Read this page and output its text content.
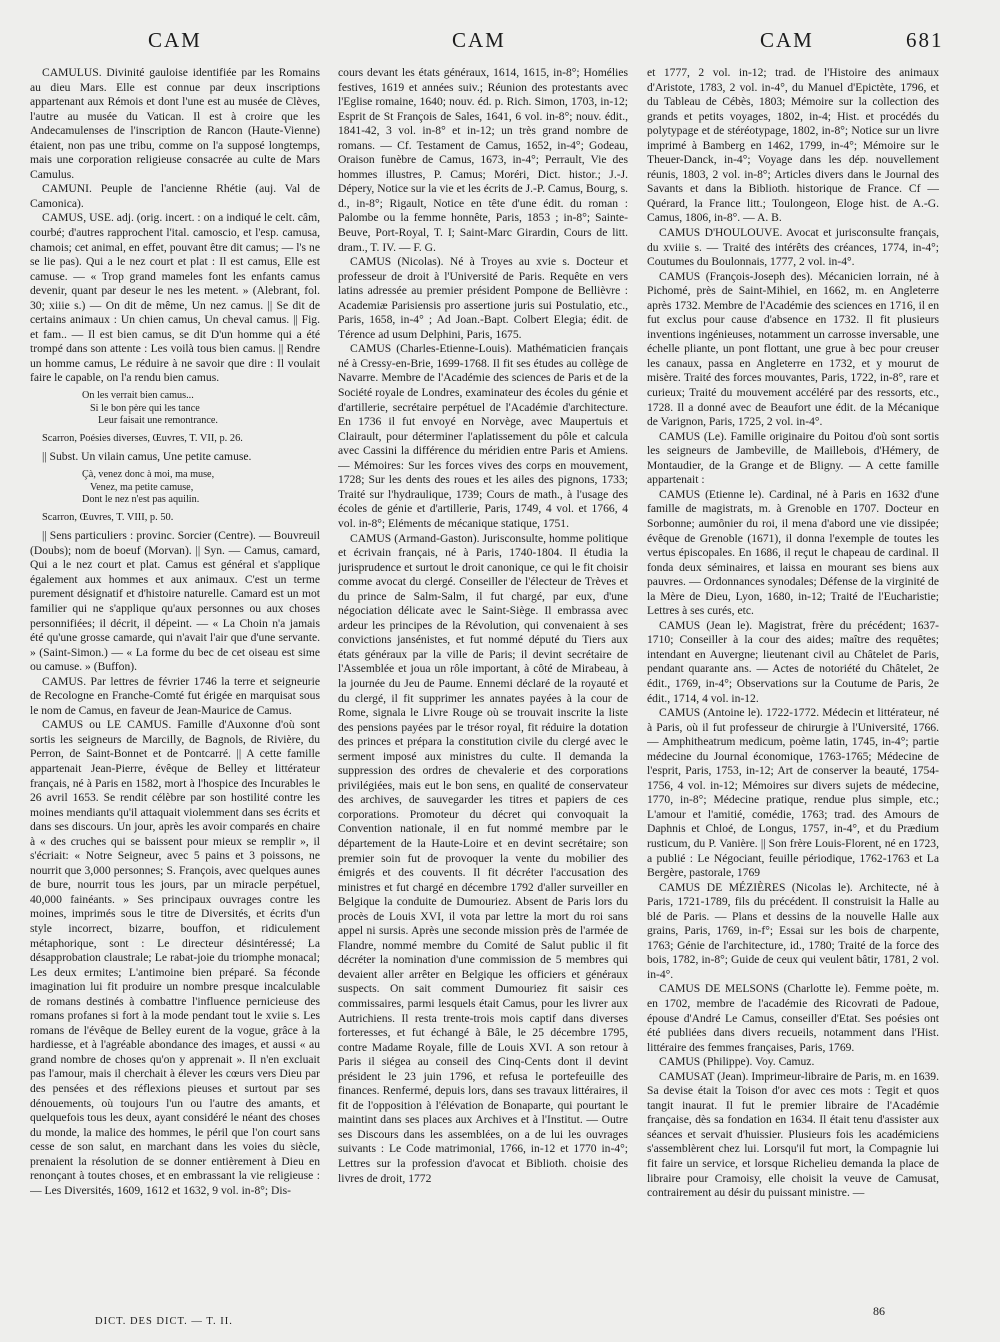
CAM	CAM	CAM	681

CAMULUS. Divinité gauloise identifiée par les Romains au dieu Mars. Elle est connue par deux inscriptions appartenant aux Rémois et dont l'une est au musée de Clèves, l'autre au musée du Vatican. Il est à croire que les Andecamulenses de l'inscription de Rancon (Haute-Vienne) étaient, non pas une tribu, comme on l'a supposé longtemps, mais une corporation religieuse consacrée au culte de Mars Camulus.

CAMUNI. Peuple de l'ancienne Rhétie (auj. Val de Camonica).

CAMUS, USE. adj. (orig. incert. : on a indiqué le celt. câm, courbé; d'autres rapprochent l'ital. camoscio, et l'esp. camusa, chamois; cet animal, en effet, pouvant être dit camus; — l's ne se lie pas). Qui a le nez court et plat : Il est camus, Elle est camuse. — « Trop grand mameles font les enfants camus devenir, quant par deseur le nes les metent. » (Alebrant, fol. 30; xiiie s.) — On dit de même, Un nez camus. || Se dit de certains animaux : Un chien camus, Un cheval camus. || Fig. et fam.. — Il est bien camus, se dit D'un homme qui a été trompé dans son attente : Les voilà tous bien camus. || Rendre un homme camus, Le réduire à ne savoir que dire : Il voulait faire le capable, on l'a rendu bien camus.

On les verrait bien camus...
Si le bon père qui les tance
Leur faisait une remontrance.

Scarron, Poésies diverses, Œuvres, T. VII, p. 26.

|| Subst. Un vilain camus, Une petite camuse.

Çà, venez donc à moi, ma muse,
Venez, ma petite camuse,
Dont le nez n'est pas aquilin.

Scarron, Œuvres, T. VIII, p. 50.

|| Sens particuliers : provinc. Sorcier (Centre). — Bouvreuil (Doubs); nom de boeuf (Morvan). || Syn. — Camus, camard, Qui a le nez court et plat. Camus est général et s'applique également aux hommes et aux animaux. C'est un terme purement désignatif et d'histoire naturelle. Camard est un mot familier qui ne s'applique qu'aux personnes ou aux choses personnifiées; il décrit, il dépeint. — « La Choin n'a jamais été qu'une grosse camarde, qui n'avait l'air que d'une servante. » (Saint-Simon.) — « La forme du bec de cet oiseau est sime ou camuse. » (Buffon).

CAMUS. Par lettres de février 1746 la terre et seigneurie de Recologne en Franche-Comté fut érigée en marquisat sous le nom de Camus, en faveur de Jean-Maurice de Camus.

CAMUS ou LE CAMUS. Famille d'Auxonne d'où sont sortis les seigneurs de Marcilly, de Bagnols, de Rivière, du Perron, de Saint-Bonnet et de Pontcarré. || A cette famille appartenait Jean-Pierre, évêque de Belley et littérateur français, né à Paris en 1582, mort à l'hospice des Incurables le 26 avril 1653. Se rendit célèbre par son hostilité contre les moines mendiants qu'il attaquait violemment dans ses écrits et dans ses discours. Un jour, après les avoir comparés en chaire à « des cruches qui se baissent pour mieux se remplir », il s'écriait: « Notre Seigneur, avec 5 pains et 3 poissons, ne nourrit que 3,000 personnes; S. François, avec quelques aunes de bure, nourrit tous les jours, par un miracle perpétuel, 40,000 fainéants. » Ses principaux ouvrages contre les moines, imprimés sous le titre de Diversités, et écrits d'un style incorrect, bizarre, bouffon, et ridiculement métaphorique, sont : Le directeur désintéressé; La désapprobation claustrale; Le rabat-joie du triomphe monacal; Les deux ermites; L'antimoine bien préparé. Sa féconde imagination lui fit produire un nombre presque incalculable de romans destinés à combattre l'influence pernicieuse des romans profanes si fort à la mode pendant tout le xviie s. Les romans de l'évêque de Belley eurent de la vogue, grâce à la hardiesse, et à l'agréable abondance des images, et aussi « au grand nombre de choses qu'on y apprenait ». Il n'en excluait pas l'amour, mais il cherchait à élever les cœurs vers Dieu par des pensées et des réflexions pieuses et surtout par ses dénouements, où toujours l'un ou l'autre des amants, et quelquefois tous les deux, ayant considéré le néant des choses du monde, la malice des hommes, le péril que l'on court sans cesse de son salut, en marchant dans les voies du siècle, prenaient la résolution de se donner entièrement à Dieu en renonçant à toutes choses, et en embrassant la vie religieuse : — Les Diversités, 1609, 1612 et 1632, 9 vol. in-8°; Dis-

cours devant les états généraux, 1614, 1615, in-8°; Homélies festives, 1619 et années suiv.; Réunion des protestants avec l'Eglise romaine, 1640; nouv. éd. p. Rich. Simon, 1703, in-12; Esprit de St François de Sales, 1641, 6 vol. in-8°; nouv. édit., 1841-42, 3 vol. in-8° et in-12; un très grand nombre de romans. — Cf. Testament de Camus, 1652, in-4°; Godeau, Oraison funèbre de Camus, 1673, in-4°; Perrault, Vie des hommes illustres, P. Camus; Moréri, Dict. histor.; J.-J. Dépery, Notice sur la vie et les écrits de J.-P. Camus, Bourg, s. d., in-8°; Rigault, Notice en tête d'une édit. du roman : Palombe ou la femme honnête, Paris, 1853 ; in-8°; Sainte-Beuve, Port-Royal, T. I; Saint-Marc Girardin, Cours de litt. dram., T. IV. — F. G.

CAMUS (Nicolas). Né à Troyes au xvie s. Docteur et professeur de droit à l'Université de Paris. Requête en vers latins adressée au premier président Pompone de Bellièvre : Academiæ Parisiensis pro assertione juris sui Postulatio, etc., Paris, 1658, in-4° ; Ad Joan.-Bapt. Colbert Elegia; édit. de Térence ad usum Delphini, Paris, 1675.

CAMUS (Charles-Etienne-Louis). Mathématicien français né à Cressy-en-Brie, 1699-1768. Il fit ses études au collège de Navarre. Membre de l'Académie des sciences de Paris et de la Société royale de Londres, examinateur des écoles du génie et d'artillerie, secrétaire perpétuel de l'Académie d'architecture. En 1736 il fut envoyé en Norvège, avec Maupertuis et Clairault, pour déterminer l'aplatissement du pôle et calcula avec Cassini la différence du méridien entre Paris et Amiens. — Mémoires: Sur les forces vives des corps en mouvement, 1728; Sur les dents des roues et les ailes des pignons, 1733; Traité sur l'hydraulique, 1739; Cours de math., à l'usage des écoles de génie et d'artillerie, Paris, 1749, 4 vol. et 1766, 4 vol. in-8°; Eléments de mécanique statique, 1751.

CAMUS (Armand-Gaston). Jurisconsulte, homme politique et écrivain français, né à Paris, 1740-1804. Il étudia la jurisprudence et surtout le droit canonique, ce qui le fit choisir comme avocat du clergé. Conseiller de l'électeur de Trèves et du prince de Salm-Salm, il fut chargé, par eux, d'une négociation délicate avec le Saint-Siège. Il embrassa avec ardeur les principes de la Révolution, qui convenaient à ses convictions jansénistes, et fut nommé député du Tiers aux états généraux par la ville de Paris; il devint secrétaire de l'Assemblée et joua un rôle important, à côté de Mirabeau, à la journée du Jeu de Paume. Ennemi déclaré de la royauté et du clergé, il fit supprimer les annates payées à la cour de Rome, signala le Livre Rouge où se trouvait inscrite la liste des pensions payées par le trésor royal, fit réduire la dotation des princes et prépara la constitution civile du clergé avec le serment imposé aux ministres du culte. Il demanda la suppression des ordres de chevalerie et des corporations privilégiées, mais eut le bon sens, en qualité de conservateur des archives, de sauvegarder les titres et papiers de ces corporations. Promoteur du décret qui convoquait la Convention nationale, il en fut nommé membre par le département de la Haute-Loire et en devint secrétaire; son premier soin fut de provoquer la vente du mobilier des émigrés et des couvents. Il fit décréter l'accusation des ministres et fut chargé en décembre 1792 d'aller surveiller en Belgique la conduite de Dumouriez. Absent de Paris lors du procès de Louis XVI, il vota par lettre la mort du roi sans appel ni sursis. Après une seconde mission près de l'armée de Flandre, nommé membre du Comité de Salut public il fit décréter la nomination d'une commission de 5 membres qui devaient aller arrêter en Belgique les officiers et généraux suspects. On sait comment Dumouriez fit saisir ces commissaires, parmi lesquels était Camus, pour les livrer aux Autrichiens. Il resta trente-trois mois captif dans diverses forteresses, et fut échangé à Bâle, le 25 décembre 1795, contre Madame Royale, fille de Louis XVI. A son retour à Paris il siégea au conseil des Cinq-Cents dont il devint président le 23 juin 1796, et refusa le portefeuille des finances. Renfermé, depuis lors, dans ses travaux littéraires, il fit de l'opposition à l'élévation de Bonaparte, qui pourtant le maintint dans ses places aux Archives et à l'Institut. — Outre ses Discours dans les assemblées, on a de lui les ouvrages suivants : Le Code matrimonial, 1766, in-12 et 1770 in-4°; Lettres sur la profession d'avocat et Biblioth. choisie des livres de droit, 1772

et 1777, 2 vol. in-12; trad. de l'Histoire des animaux d'Aristote, 1783, 2 vol. in-4°, du Manuel d'Epictète, 1796, et du Tableau de Cébès, 1803; Mémoire sur la collection des grands et petits voyages, 1802, in-4; Hist. et procédés du polytypage et de stéréotypage, 1802, in-8°; Notice sur un livre imprimé à Bamberg en 1462, 1799, in-4°; Mémoire sur le Theuer-Danck, in-4°; Voyage dans les dép. nouvellement réunis, 1803, 2 vol. in-8°; Articles divers dans le Journal des Savants et dans la Biblioth. historique de France. Cf — Quérard, la France litt.; Toulongeon, Eloge hist. de A.-G. Camus, 1806, in-8°. — A. B.

CAMUS D'HOULOUVE. Avocat et jurisconsulte français, du xviiie s. — Traité des intérêts des créances, 1774, in-4°; Coutumes du Boulonnais, 1777, 2 vol. in-4°.

CAMUS (François-Joseph des). Mécanicien lorrain, né à Pichomé, près de Saint-Mihiel, en 1662, m. en Angleterre après 1732. Membre de l'Académie des sciences en 1716, il en fut exclus pour cause d'absence en 1732. Il fit plusieurs inventions ingénieuses, notamment un carrosse inversable, une échelle pliante, un pont flottant, une grue à bec pour creuser les canaux, passa en Angleterre en 1732, et y mourut de misère. Traité des forces mouvantes, Paris, 1722, in-8°, rare et curieux; Traité du mouvement accéléré par des ressorts, etc., 1728. Il a donné avec de Beaufort une édit. de la Mécanique de Varignon, Paris, 1725, 2 vol. in-4°.

CAMUS (Le). Famille originaire du Poitou d'où sont sortis les seigneurs de Jambeville, de Maillebois, d'Hémery, de Montaudier, de la Grange et de Bligny. — A cette famille appartenait :

CAMUS (Etienne le). Cardinal, né à Paris en 1632 d'une famille de magistrats, m. à Grenoble en 1707. Docteur en Sorbonne; aumônier du roi, il mena d'abord une vie dissipée; évêque de Grenoble (1671), il donna l'exemple de toutes les vertus épiscopales. En 1686, il reçut le chapeau de cardinal. Il fonda deux séminaires, et laissa en mourant ses biens aux pauvres. — Ordonnances synodales; Défense de la virginité de la Mère de Dieu, Lyon, 1680, in-12; Traité de l'Eucharistie; Lettres à ses curés, etc.

CAMUS (Jean le). Magistrat, frère du précédent; 1637-1710; Conseiller à la cour des aides; maître des requêtes; intendant en Auvergne; lieutenant civil au Châtelet de Paris, pendant quarante ans. — Actes de notoriété du Châtelet, 2e édit., 1769, in-4°; Observations sur la Coutume de Paris, 2e édit., 1714, 4 vol. in-12.

CAMUS (Antoine le). 1722-1772. Médecin et littérateur, né à Paris, où il fut professeur de chirurgie à l'Université, 1766. — Amphitheatrum medicum, poème latin, 1745, in-4°; partie médecine du Journal économique, 1763-1765; Médecine de l'esprit, Paris, 1753, in-12; Art de conserver la beauté, 1754-1756, 4 vol. in-12; Mémoires sur divers sujets de médecine, 1770, in-8°; Médecine pratique, rendue plus simple, etc.; L'amour et l'amitié, comédie, 1763; trad. des Amours de Daphnis et Chloé, de Longus, 1757, in-4°, et du Prædium rusticum, du P. Vanière. || Son frère Louis-Florent, né en 1723, a publié : Le Négociant, feuille périodique, 1762-1763 et La Bergère, pastorale, 1769

CAMUS DE MÉZIÈRES (Nicolas le). Architecte, né à Paris, 1721-1789, fils du précédent. Il construisit la Halle au blé de Paris. — Plans et dessins de la nouvelle Halle aux grains, Paris, 1769, in-f°; Essai sur les bois de charpente, 1763; Génie de l'architecture, id., 1780; Traité de la force des bois, 1782, in-8°; Guide de ceux qui veulent bâtir, 1781, 2 vol. in-4°.

CAMUS DE MELSONS (Charlotte le). Femme poète, m. en 1702, membre de l'académie des Ricovrati de Padoue, épouse d'André Le Camus, conseiller d'Etat. Ses poésies ont été publiées dans divers recueils, notamment dans l'Hist. littéraire des femmes françaises, Paris, 1769.

CAMUS (Philippe). Voy. Camuz.

CAMUSAT (Jean). Imprimeur-libraire de Paris, m. en 1639. Sa devise était la Toison d'or avec ces mots : Tegit et quos tangit inaurat. Il fut le premier libraire de l'Académie française, dès sa fondation en 1634. Il était tenu d'assister aux séances et servait d'huissier. Plusieurs fois les académiciens s'assemblèrent chez lui. Lorsqu'il fut mort, la Compagnie lui fit faire un service, et lorsque Richelieu demanda la place de libraire pour Cramoisy, elle choisit la veuve de Camusat, contrairement au désir du puissant ministre. —

DICT. DES DICT. — T. II.
86
